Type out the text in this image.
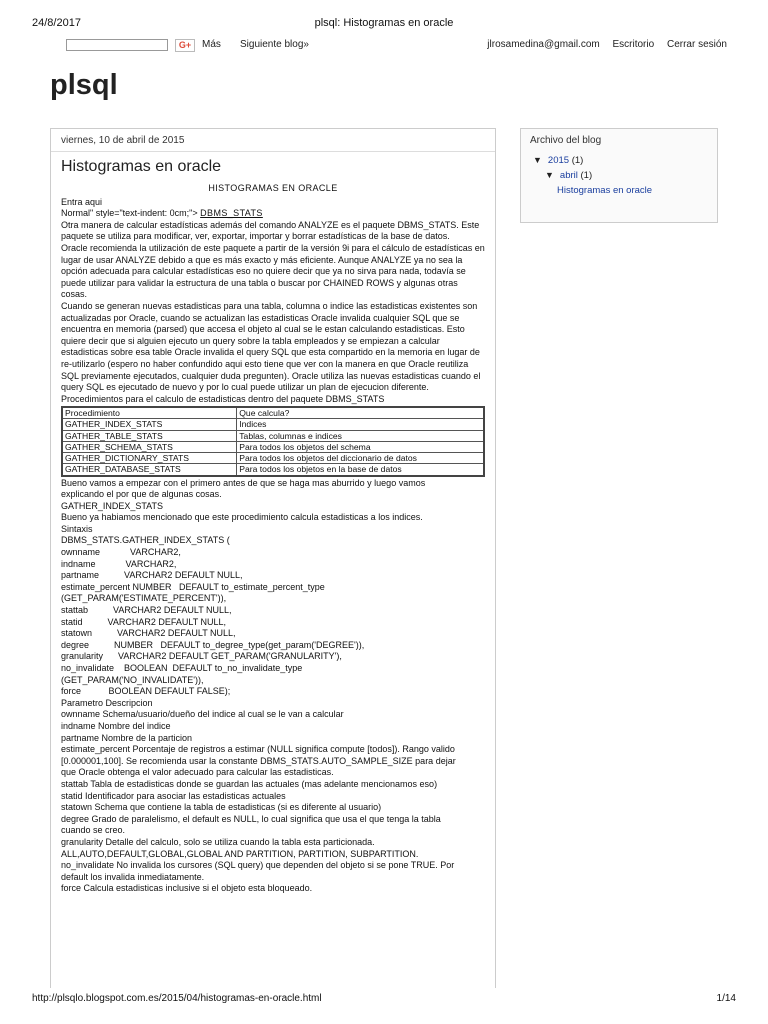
24/8/2017	plsql: Histogramas en oracle
G+	Más Siguiente blog»	jlrosamedina@gmail.com Escritorio Cerrar sesión
plsql
viernes, 10 de abril de 2015
Histogramas en oracle
HISTOGRAMAS EN ORACLE

Entra aqui

Normal" style="text-indent: 0cm;"> DBMS_STATS

Otra manera de calcular estadísticas además del comando ANALYZE es el paquete DBMS_STATS. Este paquete se utiliza para modificar, ver, exportar, importar y borrar estadísticas de la base de datos.

Oracle recomienda la utilización de este paquete a partir de la versión 9i para el cálculo de estadísticas en lugar de usar ANALYZE debido a que es más exacto y más eficiente. Aunque ANALYZE ya no sea la opción adecuada para calcular estadísticas eso no quiere decir que ya no sirva para nada, todavía se puede utilizar para validar la estructura de una tabla o buscar por CHAINED ROWS y algunas otras cosas.

Cuando se generan nuevas estadisticas para una tabla, columna o indice las estadisticas existentes son actualizadas por Oracle, cuando se actualizan las estadisticas Oracle invalida cualquier SQL que se encuentra en memoria (parsed) que accesa el objeto al cual se le estan calculando estadisticas. Esto quiere decir que si alguien ejecuto un query sobre la tabla empleados y se empiezan a calcular estadisticas sobre esa table Oracle invalida el query SQL que esta compartido en la memoria en lugar de re-utilizarlo (espero no haber confundido aqui esto tiene que ver con la manera en que Oracle reutiliza SQL previamente ejecutados, cualquier duda pregunten). Oracle utiliza las nuevas estadisticas cuando el query SQL es ejecutado de nuevo y por lo cual puede utilizar un plan de ejecucion diferente.

Procedimientos para el calculo de estadisticas dentro del paquete DBMS_STATS

Procedimiento	Que calcula?
GATHER_INDEX_STATS	Indices
GATHER_TABLE_STATS	Tablas, columnas e indices
GATHER_SCHEMA_STATS	Para todos los objetos del schema
GATHER_DICTIONARY_STATS	Para todos los objetos del diccionario de datos
GATHER_DATABASE_STATS	Para todos los objetos en la base de datos

Bueno vamos a empezar con el primero antes de que se haga mas aburrido y luego vamos

explicando el por que de algunas cosas.

GATHER_INDEX_STATS

Bueno ya habiamos mencionado que este procedimiento calcula estadisticas a los indices.

Sintaxis

DBMS_STATS.GATHER_INDEX_STATS (

ownname            VARCHAR2,

indname            VARCHAR2,

partname          VARCHAR2 DEFAULT NULL,

estimate_percent NUMBER   DEFAULT to_estimate_percent_type

(GET_PARAM('ESTIMATE_PERCENT')),

stattab          VARCHAR2 DEFAULT NULL,

statid          VARCHAR2 DEFAULT NULL,

statown          VARCHAR2 DEFAULT NULL,

degree          NUMBER   DEFAULT to_degree_type(get_param('DEGREE')),

granularity      VARCHAR2 DEFAULT GET_PARAM('GRANULARITY'),

no_invalidate    BOOLEAN  DEFAULT to_no_invalidate_type

(GET_PARAM('NO_INVALIDATE')),

force           BOOLEAN DEFAULT FALSE);

Parametro Descripcion

ownname Schema/usuario/dueño del indice al cual se le van a calcular

indname Nombre del indice

partname Nombre de la particion

estimate_percent Porcentaje de registros a estimar (NULL significa compute [todos]). Rango valido

[0.000001,100]. Se recomienda usar la constante DBMS_STATS.AUTO_SAMPLE_SIZE para dejar

que Oracle obtenga el valor adecuado para calcular las estadisticas.

stattab Tabla de estadisticas donde se guardan las actuales (mas adelante mencionamos eso)

statid Identificador para asociar las estadisticas actuales

statown Schema que contiene la tabla de estadisticas (si es diferente al usuario)

degree Grado de paralelismo, el default es NULL, lo cual significa que usa el que tenga la tabla

cuando se creo.

granularity Detalle del calculo, solo se utiliza cuando la tabla esta particionada.

ALL,AUTO,DEFAULT,GLOBAL,GLOBAL AND PARTITION, PARTITION, SUBPARTITION.

no_invalidate No invalida los cursores (SQL query) que dependen del objeto si se pone TRUE. Por

default los invalida inmediatamente.

force Calcula estadisticas inclusive si el objeto esta bloqueado.

Archivo del blog
▼ 2015 (1)
▼ abril (1)
Histogramas en oracle
http://plsqlo.blogspot.com.es/2015/04/histogramas-en-oracle.html	1/14
